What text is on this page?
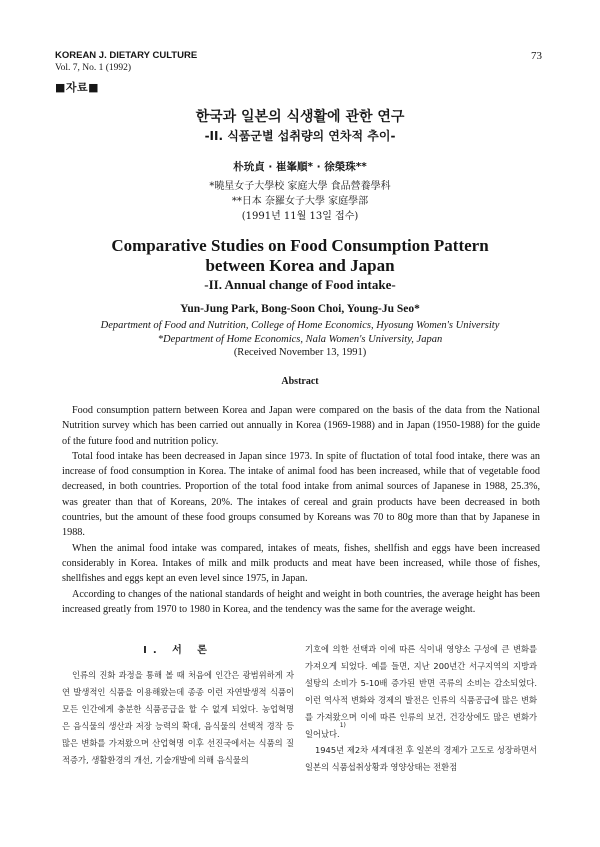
KOREAN J. DIETARY CULTURE
Vol. 7, No. 1 (1992)
73
■자료■
한국과 일본의 식생활에 관한 연구
-II. 식품군별 섭취량의 연차적 추이-
朴玧貞 · 崔峯順* · 徐榮珠**
*曉星女子大學校 家庭大學 食品營養學科
**日本 奈羅女子大學 家庭學部
(1991년 11월 13일 접수)
Comparative Studies on Food Consumption Pattern
between Korea and Japan
-II. Annual change of Food intake-
Yun-Jung Park, Bong-Soon Choi, Young-Ju Seo*
Department of Food and Nutrition, College of Home Economics, Hyosung Women's University
*Department of Home Economics, Nala Women's University, Japan
(Received November 13, 1991)
Abstract

Food consumption pattern between Korea and Japan were compared on the basis of the data from the National Nutrition survey which has been carried out annually in Korea (1969-1988) and in Japan (1950-1988) for the guide of the future food and nutrition policy.

Total food intake has been decreased in Japan since 1973. In spite of fluctation of total food intake, there was an increase of food consumption in Korea. The intake of animal food has been increased, while that of vegetable food decreased, in both countries. Proportion of the total food intake from animal sources of Japanese in 1988, 25.3%, was greater than that of Koreans, 20%. The intakes of cereal and grain products have been decreased in both countries, but the amount of these food groups consumed by Koreans was 70 to 80g more than that by Japanese in 1988.

When the animal food intake was compared, intakes of meats, fishes, shellfish and eggs have been increased considerably in Korea. Intakes of milk and milk products and meat have been increased, while those of fishes, shellfishes and eggs kept an even level since 1975, in Japan.

According to changes of the national standards of height and weight in both countries, the average height has been increased greatly from 1970 to 1980 in Korea, and the tendency was the same for the average weight.

I. 서 론

인류의 진화 과정을 통해 볼 때 처음에 인간은 광범위하게 자연 발생적인 식품을 이용해왔는데 종종 이런 자연발생적 식품이 모든 인간에게 충분한 식품공급을 할 수 없게 되었다. 농업혁명은 음식물의 생산과 저장 능력의 확대, 음식물의 선택적 경작 등 많은 변화를 가져왔으며 산업혁명 이후 선진국에서는 식품의 질적증가, 생활환경의 개선, 기술개발에 의해 음식물의

기호에 의한 선택과 이에 따른 식이내 영양소 구성에 큰 변화를 가져오게 되었다. 예를 들면, 지난 200년간 서구지역의 지방과 설탕의 소비가 5-10배 증가된 반면 곡류의 소비는 감소되었다. 이런 역사적 변화와 경제의 발전은 인류의 식품공급에 많은 변화를 가져왔으며 이에 따른 인류의 보건, 건강상에도 많은 변화가 일어났다.$^{1)}$

1945년 제2차 세계대전 후 일본의 경제가 고도로 성장하면서 일본의 식품섭취상황과 영양상태는 전환점
